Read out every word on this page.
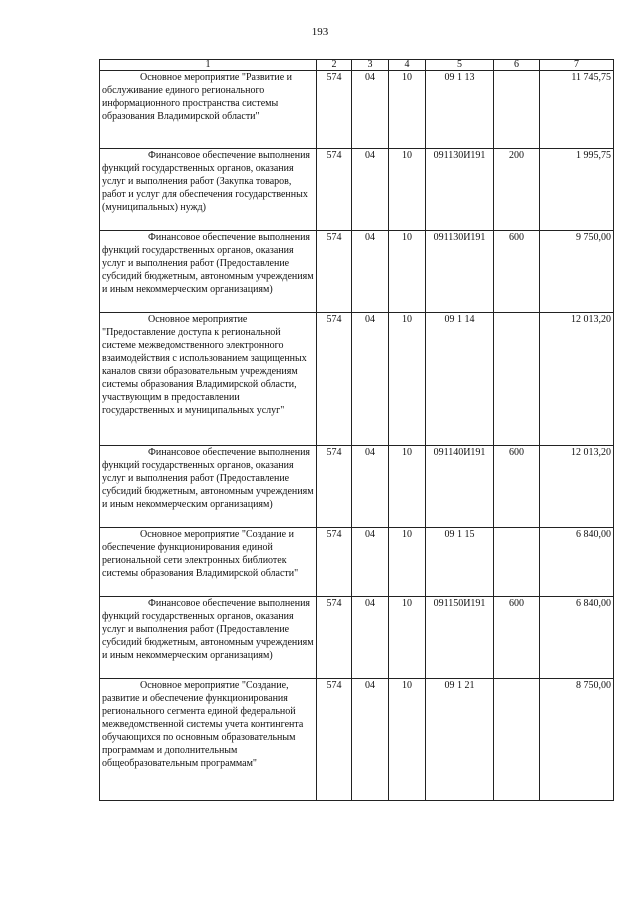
193
1	2	3	4	5	6	7
Основное мероприятие "Развитие и обслуживание единого регионального информационного пространства системы образования Владимирской области"	574	04	10	09 1 13		11 745,75
Финансовое обеспечение выполнения функций государственных органов, оказания услуг и выполнения работ (Закупка товаров, работ и услуг для обеспечения государственных (муниципальных) нужд)	574	04	10	091130И191	200	1 995,75
Финансовое обеспечение выполнения функций государственных органов, оказания услуг и выполнения работ (Предоставление субсидий бюджетным, автономным учреждениям и иным некоммерческим организациям)	574	04	10	091130И191	600	9 750,00
Основное мероприятие "Предоставление доступа к региональной системе межведомственного электронного взаимодействия с использованием защищенных каналов связи образовательным учреждениям системы образования Владимирской области, участвующим в предоставлении государственных и муниципальных услуг"	574	04	10	09 1 14		12 013,20
Финансовое обеспечение выполнения функций государственных органов, оказания услуг и выполнения работ (Предоставление субсидий бюджетным, автономным учреждениям и иным некоммерческим организациям)	574	04	10	091140И191	600	12 013,20
Основное мероприятие "Создание и обеспечение функционирования единой региональной сети электронных библиотек системы образования Владимирской области"	574	04	10	09 1 15		6 840,00
Финансовое обеспечение выполнения функций государственных органов, оказания услуг и выполнения работ (Предоставление субсидий бюджетным, автономным учреждениям и иным некоммерческим организациям)	574	04	10	091150И191	600	6 840,00
Основное мероприятие "Создание, развитие и обеспечение функционирования регионального сегмента единой федеральной межведомственной системы учета контингента обучающихся по основным образовательным программам и дополнительным общеобразовательным программам"	574	04	10	09 1 21		8 750,00
